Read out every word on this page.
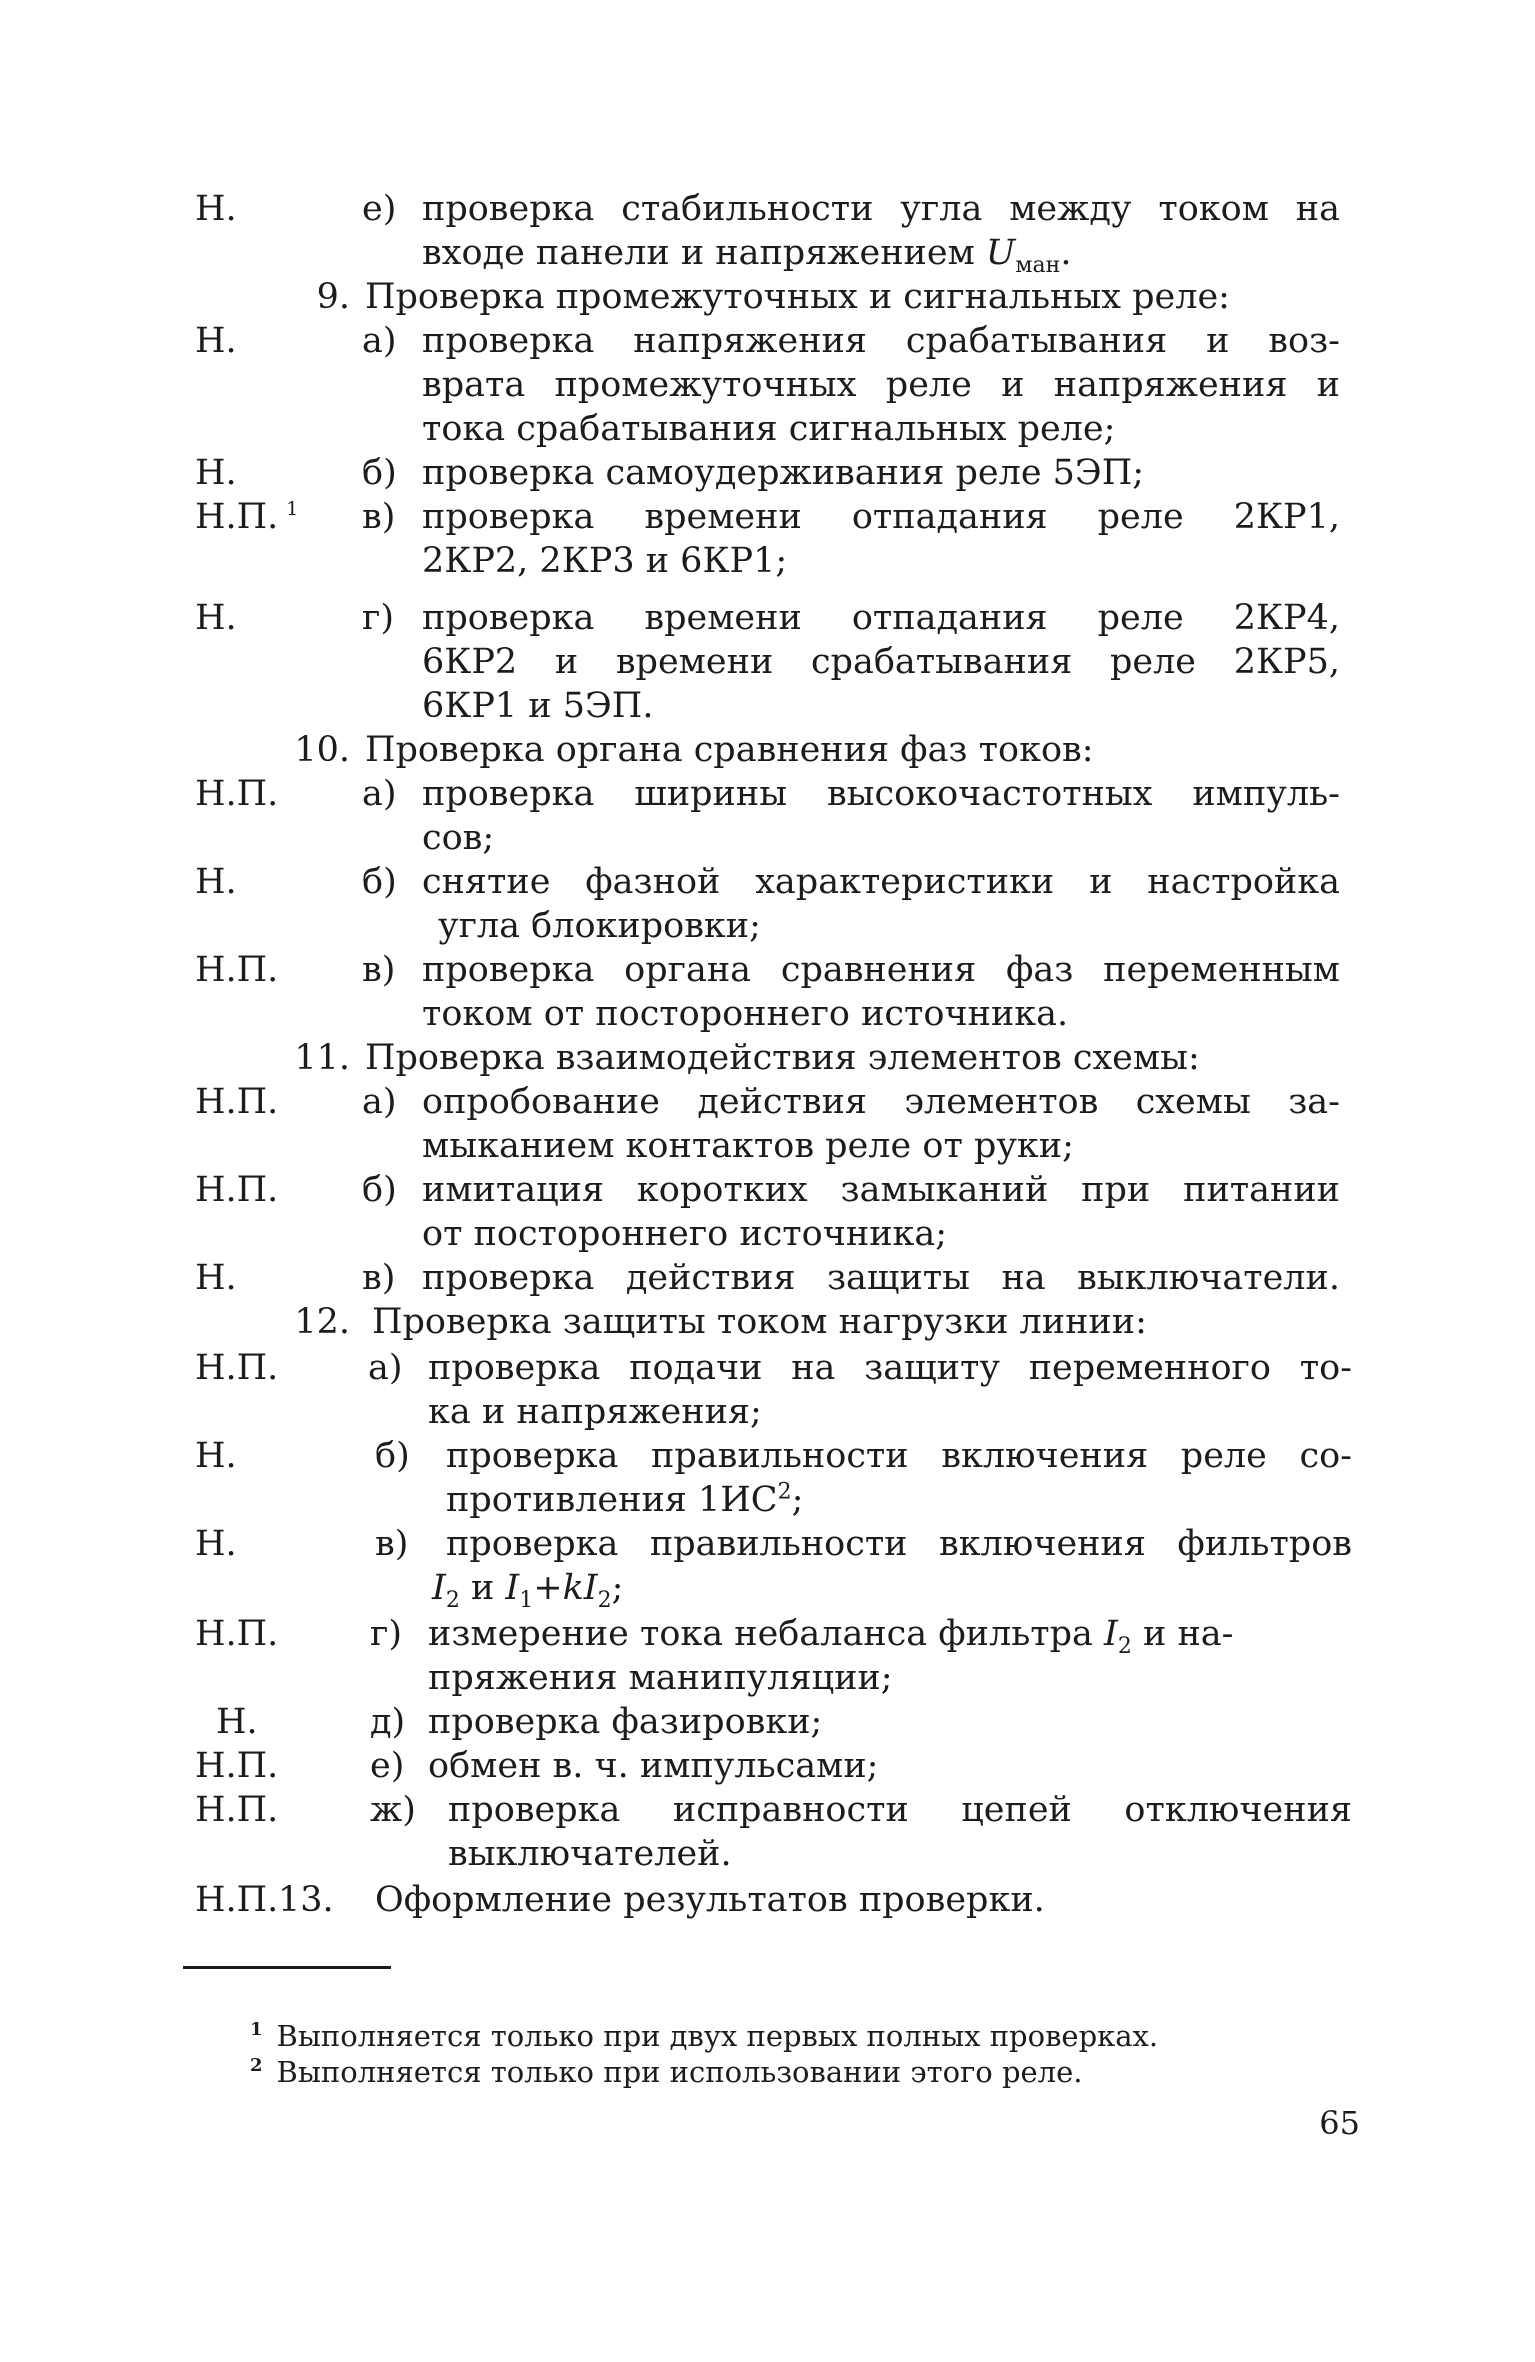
Н.	е) проверка стабильности угла между током на
входе панели и напряжением $U_{ман}$.
9. Проверка промежуточных и сигнальных реле:
Н.	а) проверка напряжения срабатывания и воз-
врата промежуточных реле и напряжения и
тока срабатывания сигнальных реле;
Н.	б) проверка самоудерживания реле 5ЭП;
Н.П. $^1$ в) проверка времени отпадания реле 2КР1,
2КР2, 2КР3 и 6КР1;
Н.	г) проверка времени отпадания реле 2КР4,
6КР2 и времени срабатывания реле 2КР5,
6КР1 и 5ЭП.
10. Проверка органа сравнения фаз токов:
Н.П. а) проверка ширины высокочастотных импуль-
сов;
Н.	б) снятие фазной характеристики и настройка
угла блокировки;
Н.П. в) проверка органа сравнения фаз переменным
током от постороннего источника.
11. Проверка взаимодействия элементов схемы:
Н.П. а) опробование действия элементов схемы за-
мыканием контактов реле от руки;
Н.П. б) имитация коротких замыканий при питании
от постороннего источника;
Н.	в) проверка действия защиты на выключатели.
12. Проверка защиты током нагрузки линии:
Н.П.	а) проверка подачи на защиту переменного то-
ка и напряжения;
Н.	б) проверка правильности включения реле со-
противления $1ИС^2$;
Н.	в) проверка правильности включения фильтров
$I_2$ и $I_1+kI_2$;
Н.П.	г) измерение тока небаланса фильтра $I_2$ и на-
пряжения манипуляции;
Н.	д) проверка фазировки;
Н.П.	е) обмен в. ч. импульсами;
Н.П.	ж) проверка исправности цепей отключения
выключателей.
Н.П. 13. Оформление результатов проверки.
$^1$ Выполняется только при двух первых полных проверках.
$^2$ Выполняется только при использовании этого реле.
65
